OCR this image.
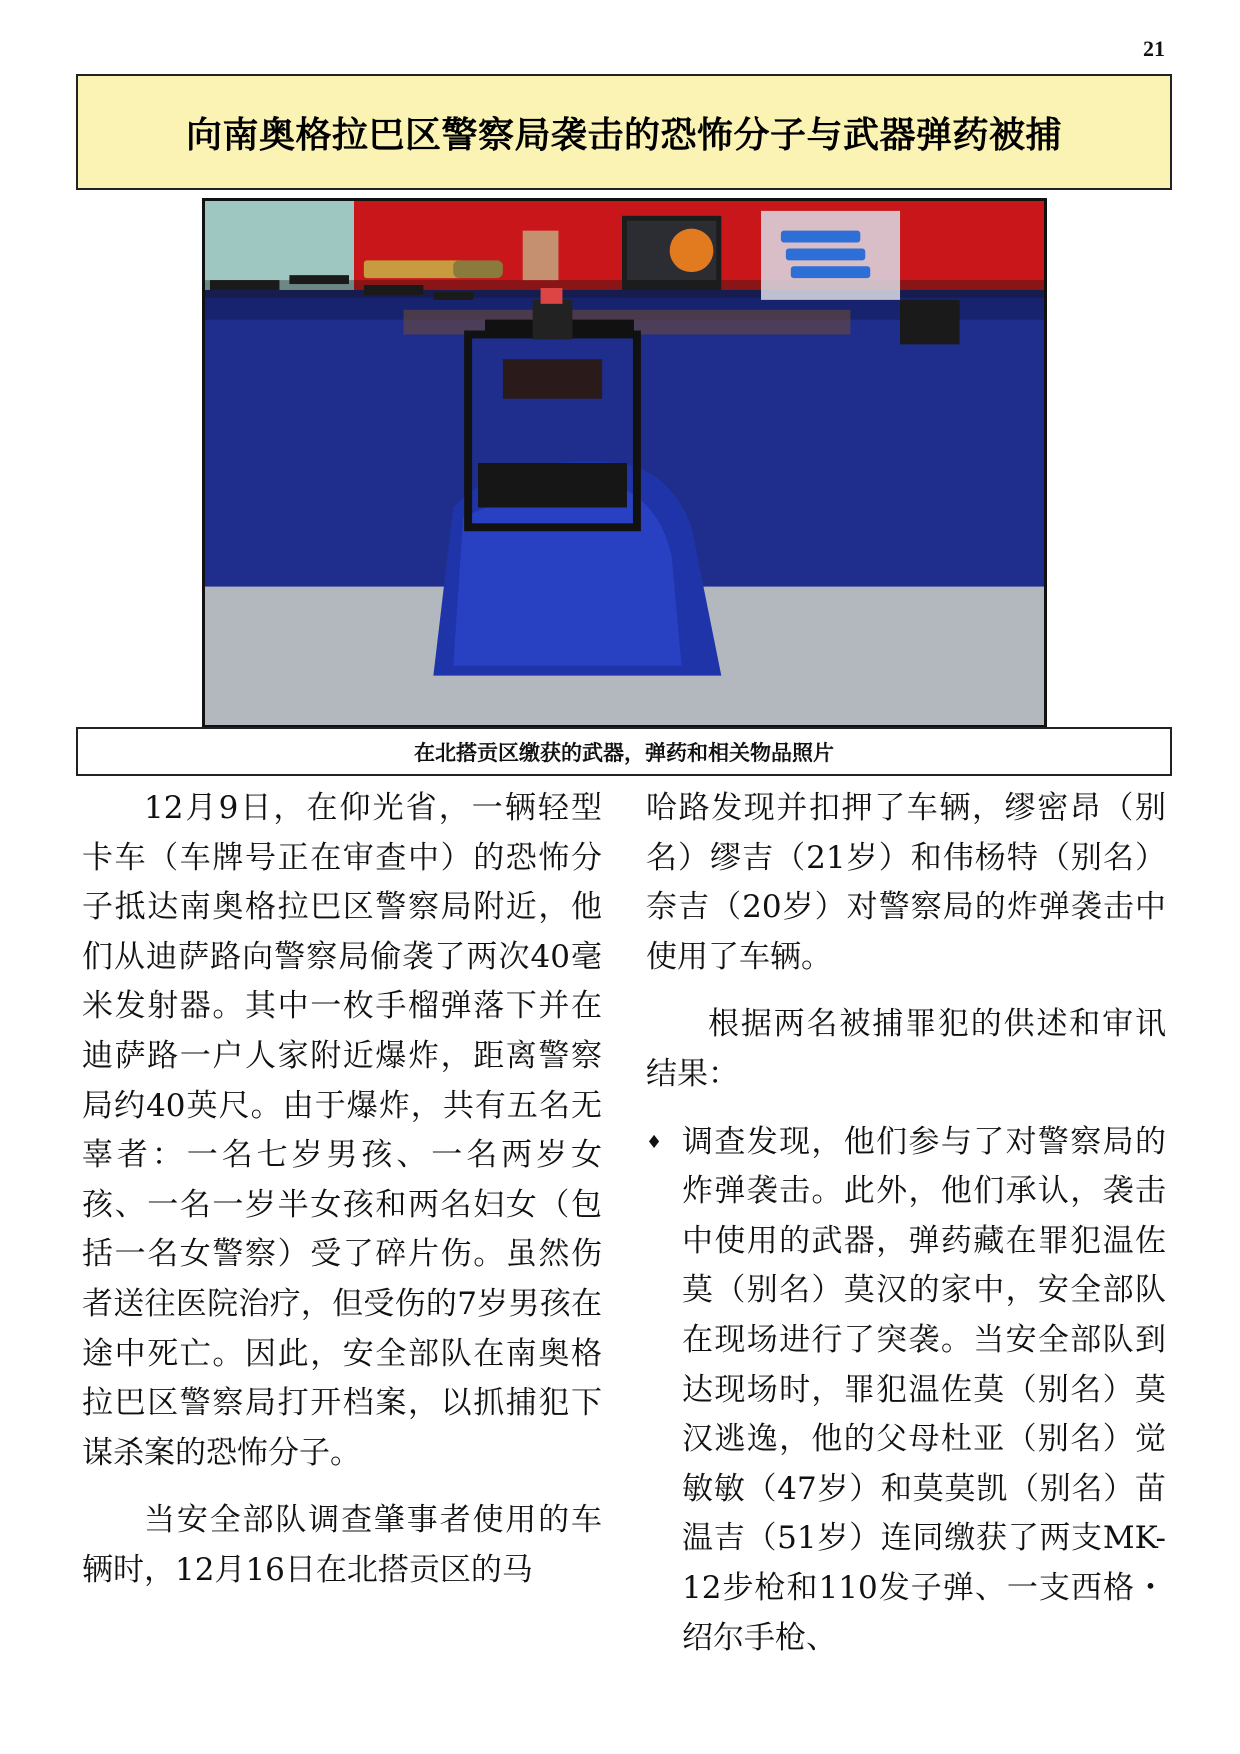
21
向南奥格拉巴区警察局袭击的恐怖分子与武器弹药被捕
在北搭贡区缴获的武器，弹药和相关物品照片

12月9日，在仰光省，一辆轻型卡车（车牌号正在审查中）的恐怖分子抵达南奥格拉巴区警察局附近，他们从迪萨路向警察局偷袭了两次40毫米发射器。其中一枚手榴弹落下并在迪萨路一户人家附近爆炸，距离警察局约40英尺。由于爆炸，共有五名无辜者：一名七岁男孩、一名两岁女孩、一名一岁半女孩和两名妇女（包括一名女警察）受了碎片伤。虽然伤者送往医院治疗，但受伤的7岁男孩在途中死亡。因此，安全部队在南奥格拉巴区警察局打开档案，以抓捕犯下谋杀案的恐怖分子。

当安全部队调查肇事者使用的车辆时，12月16日在北搭贡区的马

哈路发现并扣押了车辆，缪密昂（别名）缪吉（21岁）和伟杨特（别名）奈吉（20岁）对警察局的炸弹袭击中使用了车辆。

根据两名被捕罪犯的供述和审讯结果：

♦ 调查发现，他们参与了对警察局的炸弹袭击。此外，他们承认，袭击中使用的武器，弹药藏在罪犯温佐莫（别名）莫汉的家中，安全部队在现场进行了突袭。当安全部队到达现场时，罪犯温佐莫（别名）莫汉逃逸，他的父母杜亚（别名）觉敏敏（47岁）和莫莫凯（别名）苗温吉（51岁）连同缴获了两支MK-12步枪和110发子弹、一支西格・绍尔手枪、
